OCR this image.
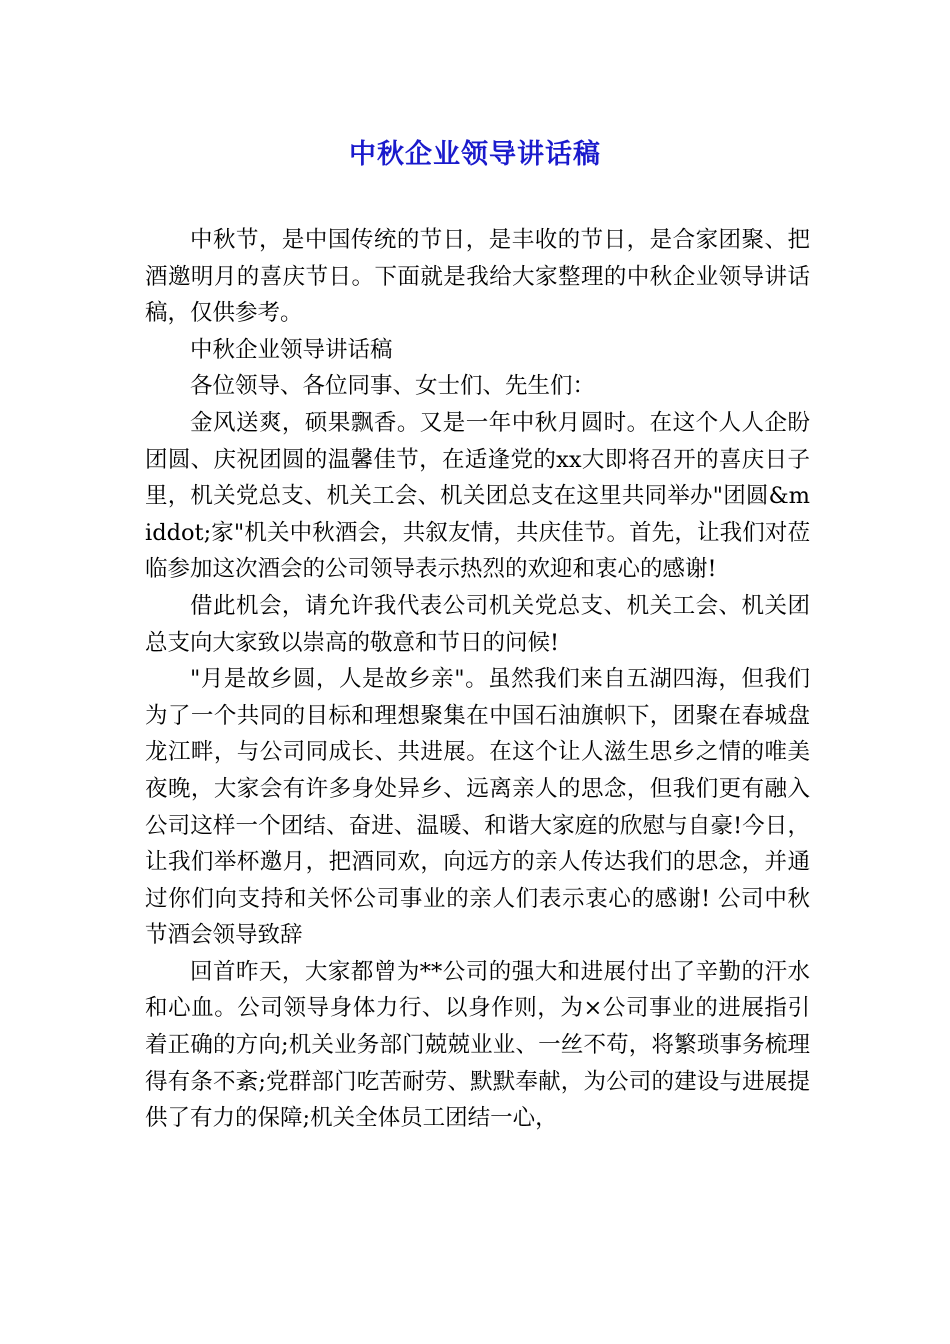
中秋企业领导讲话稿

中秋节，是中国传统的节日，是丰收的节日，是合家团聚、把酒邀明月的喜庆节日。下面就是我给大家整理的中秋企业领导讲话稿，仅供参考。

中秋企业领导讲话稿

各位领导、各位同事、女士们、先生们：

金风送爽，硕果飘香。又是一年中秋月圆时。在这个人人企盼团圆、庆祝团圆的温馨佳节，在适逢党的xx大即将召开的喜庆日子里，机关党总支、机关工会、机关团总支在这里共同举办"团圆&middot;家"机关中秋酒会，共叙友情，共庆佳节。首先，让我们对莅临参加这次酒会的公司领导表示热烈的欢迎和衷心的感谢!

借此机会，请允许我代表公司机关党总支、机关工会、机关团总支向大家致以崇高的敬意和节日的问候!

"月是故乡圆，人是故乡亲"。虽然我们来自五湖四海，但我们为了一个共同的目标和理想聚集在中国石油旗帜下，团聚在春城盘龙江畔，与公司同成长、共进展。在这个让人滋生思乡之情的唯美夜晚，大家会有许多身处异乡、远离亲人的思念，但我们更有融入公司这样一个团结、奋进、温暖、和谐大家庭的欣慰与自豪!今日，让我们举杯邀月，把酒同欢，向远方的亲人传达我们的思念，并通过你们向支持和关怀公司事业的亲人们表示衷心的感谢! 公司中秋节酒会领导致辞

回首昨天，大家都曾为**公司的强大和进展付出了辛勤的汗水和心血。公司领导身体力行、以身作则，为×公司事业的进展指引着正确的方向;机关业务部门兢兢业业、一丝不苟，将繁琐事务梳理得有条不紊;党群部门吃苦耐劳、默默奉献，为公司的建设与进展提供了有力的保障;机关全体员工团结一心，
